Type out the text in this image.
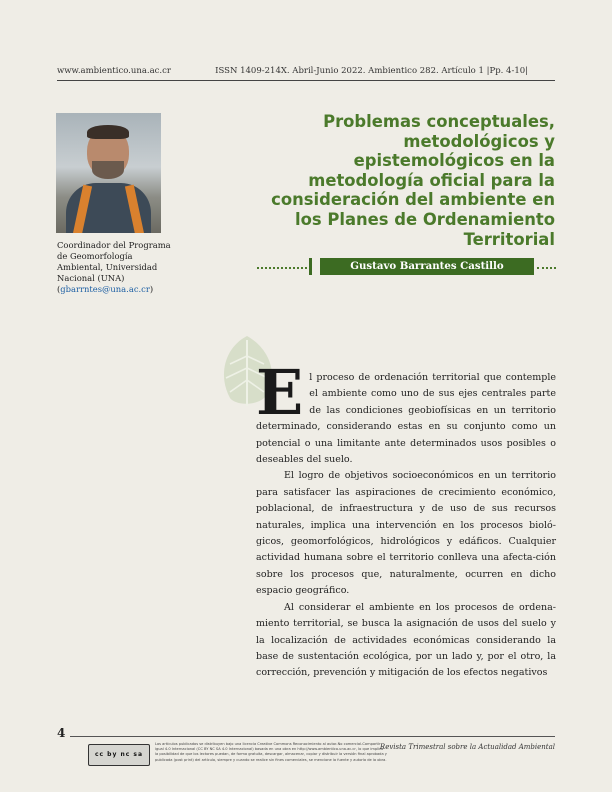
www.ambientico.una.ac.cr	ISSN 1409-214X. Abril-Junio 2022. Ambientico 282. Artículo 1 |Pp. 4-10|
Coordinador del Programa de Geomorfología Ambiental, Universidad Nacional (UNA)
(gbarrntes@una.ac.cr)
Problemas conceptuales, metodológicos y epistemológicos en la metodología oficial para la consideración del ambiente en los Planes de Ordenamiento Territorial
Gustavo Barrantes Castillo

El proceso de ordenación territorial que contemple el ambiente como uno de sus ejes centrales parte de las condiciones geobiofísicas en un territorio determinado, considerando estas en su conjunto como un potencial o una limitante ante determinados usos posibles o deseables del suelo.

El logro de objetivos socioeconómicos en un territorio para satisfacer las aspiraciones de crecimiento económico, poblacional, de infraestructura y de uso de sus recursos naturales, implica una intervención en los procesos bioló-gicos, geomorfológicos, hidrológicos y edáficos. Cualquier actividad humana sobre el territorio conlleva una afecta-ción sobre los procesos que, naturalmente, ocurren en dicho espacio geográfico.

Al considerar el ambiente en los procesos de ordena-miento territorial, se busca la asignación de usos del suelo y la localización de actividades económicas considerando la base de sustentación ecológica, por un lado y, por el otro, la corrección, prevención y mitigación de los efectos negativos

4
cc by nc sa
Los artículos publicados se distribuyen bajo una licencia Creative Commons Reconocimiento al autor-No comercial-Compartir igual 4.0 Internacional (CC BY NC SA 4.0 Internacional) basada en una obra en http://www.ambientico.una.ac.cr, lo que implica la posibilidad de que los lectores puedan, de forma gratuita, descargar, almacenar, copiar y distribuir la versión final aprobada y publicada (post print) del artículo, siempre y cuando se realice sin fines comerciales, se mencione la fuente y autoría de la obra.
Revista Trimestral sobre la Actualidad Ambiental
